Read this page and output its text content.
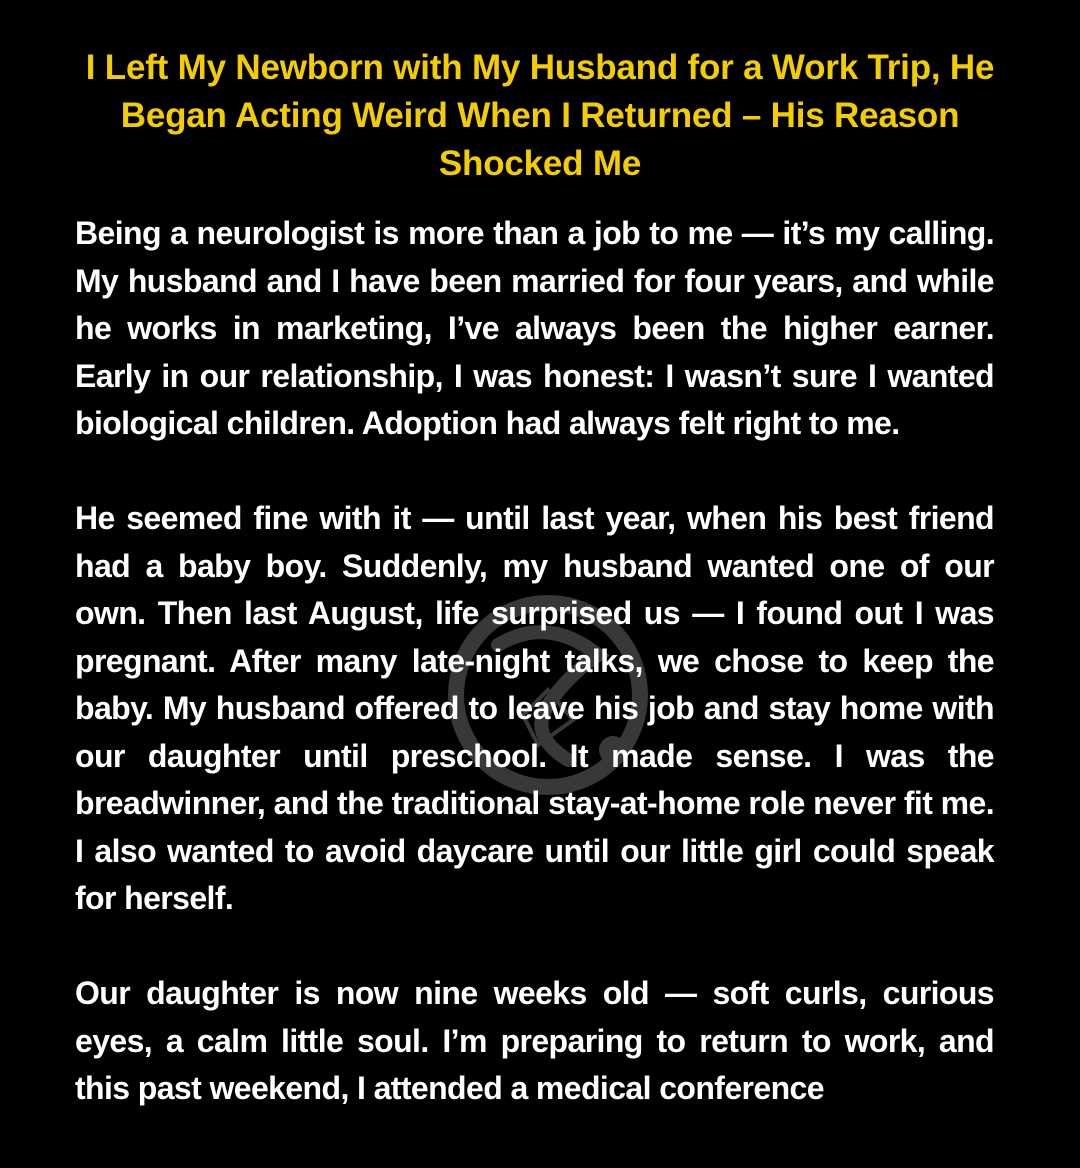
I Left My Newborn with My Husband for a Work Trip, He Began Acting Weird When I Returned – His Reason Shocked Me

Being a neurologist is more than a job to me — it’s my calling. My husband and I have been married for four years, and while he works in marketing, I’ve always been the higher earner. Early in our relationship, I was honest: I wasn’t sure I wanted biological children. Adoption had always felt right to me.

He seemed fine with it — until last year, when his best friend had a baby boy. Suddenly, my husband wanted one of our own. Then last August, life surprised us — I found out I was pregnant. After many late-night talks, we chose to keep the baby. My husband offered to leave his job and stay home with our daughter until preschool. It made sense. I was the breadwinner, and the traditional stay-at-home role never fit me. I also wanted to avoid daycare until our little girl could speak for herself.

Our daughter is now nine weeks old — soft curls, curious eyes, a calm little soul. I’m preparing to return to work, and this past weekend, I attended a medical conference
